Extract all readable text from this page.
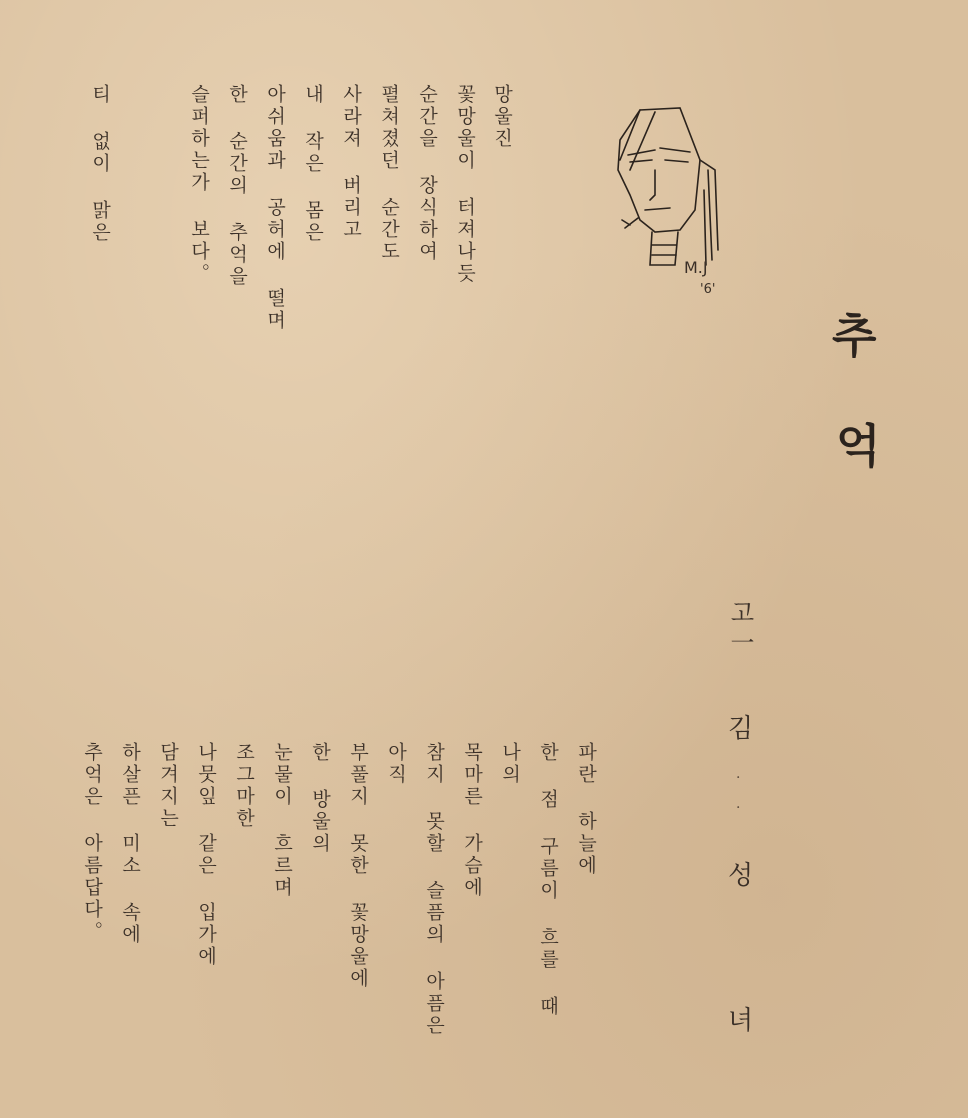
M.J
ꞌ6ꞌ
추
억
고一
김
·
·
성
녀
망울진
꽃망울이 터져나듯
순간을 장식하여
펼쳐졌던 순간도
사라져 버리고
내 작은 몸은
아쉬움과 공허에 떨며
한 순간의 추억을
슬퍼하는가 보다。
티 없이 맑은
파란 하늘에
한 점 구름이 흐를 때
나의
목마른 가슴에
참지 못할 슬픔의 아픔은
아직
부풀지 못한 꽃망울에
한 방울의
눈물이 흐르며
조그마한
나뭇잎 같은 입가에
담겨지는
하살픈 미소 속에
추억은 아름답다。
